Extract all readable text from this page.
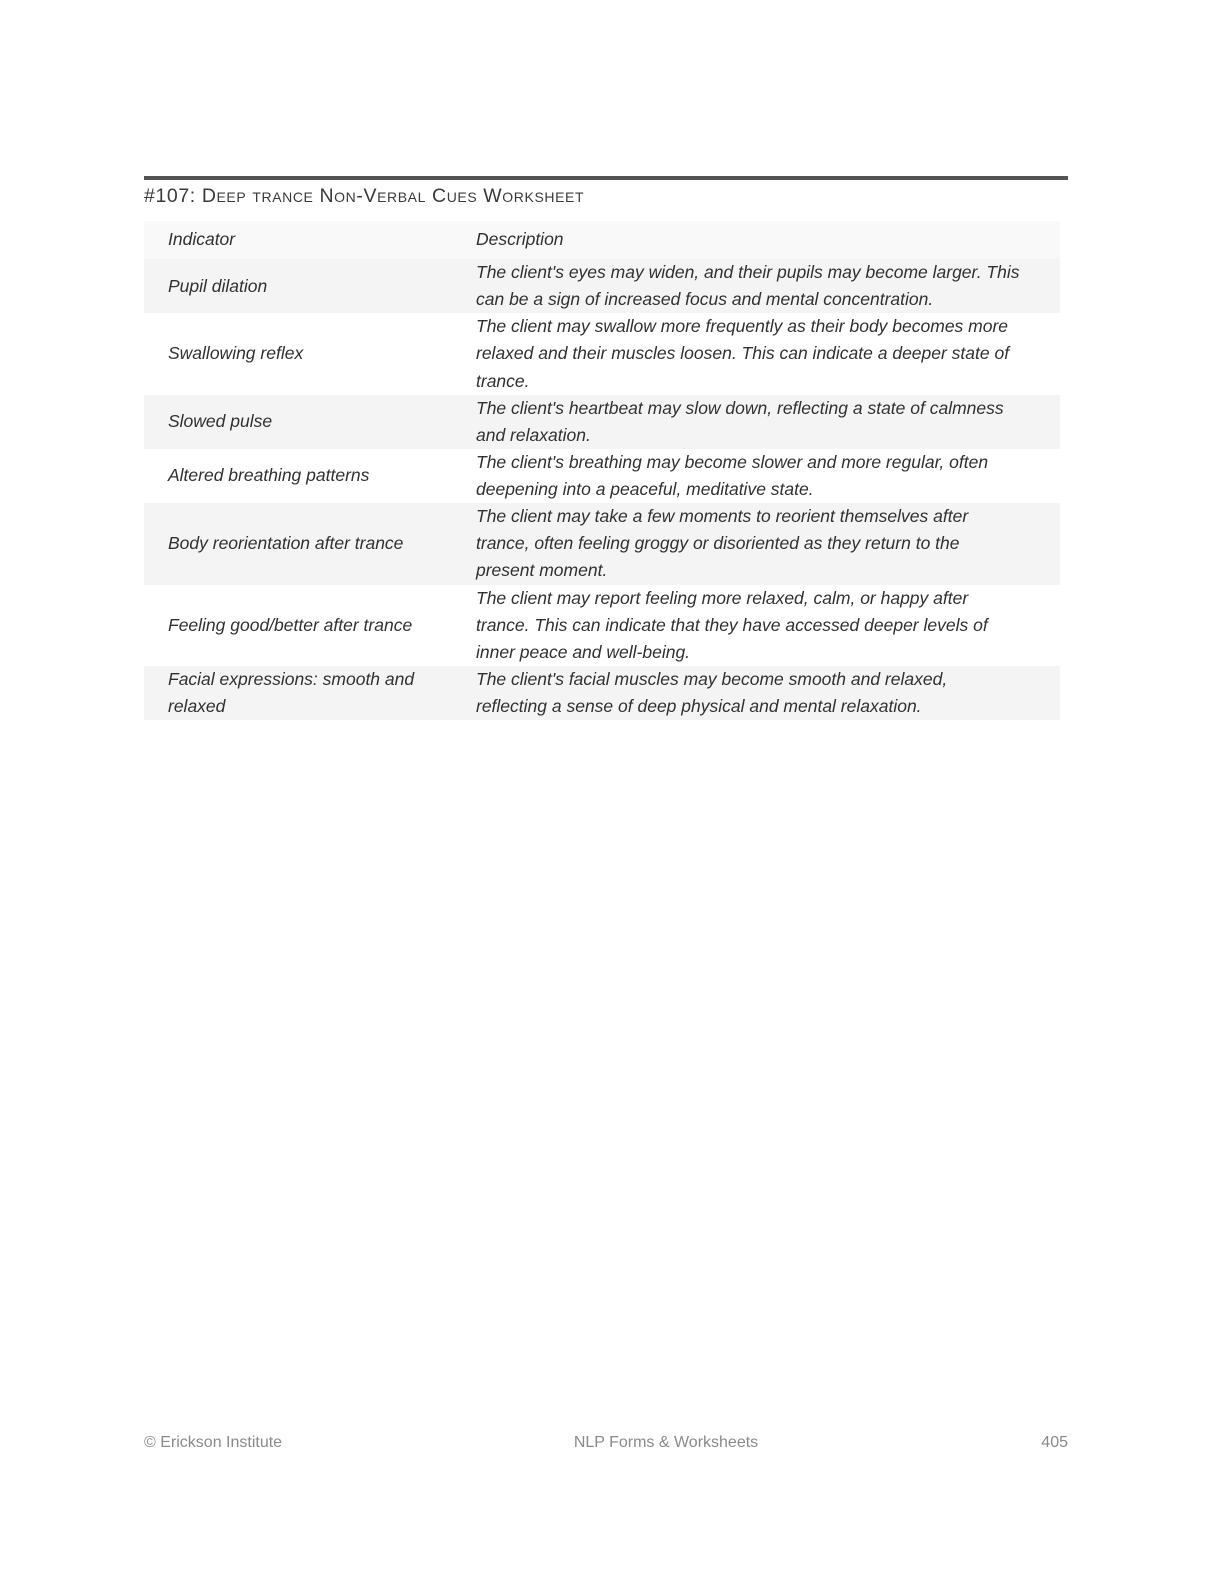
#107: Deep trance Non-Verbal Cues Worksheet
Indicator	Description
Pupil dilation	The client's eyes may widen, and their pupils may become larger. This can be a sign of increased focus and mental concentration.
Swallowing reflex	The client may swallow more frequently as their body becomes more relaxed and their muscles loosen. This can indicate a deeper state of trance.
Slowed pulse	The client's heartbeat may slow down, reflecting a state of calmness and relaxation.
Altered breathing patterns	The client's breathing may become slower and more regular, often deepening into a peaceful, meditative state.
Body reorientation after trance	The client may take a few moments to reorient themselves after trance, often feeling groggy or disoriented as they return to the present moment.
Feeling good/better after trance	The client may report feeling more relaxed, calm, or happy after trance. This can indicate that they have accessed deeper levels of inner peace and well-being.
Facial expressions: smooth and relaxed	The client's facial muscles may become smooth and relaxed, reflecting a sense of deep physical and mental relaxation.
© Erickson Institute	NLP Forms & Worksheets	405
